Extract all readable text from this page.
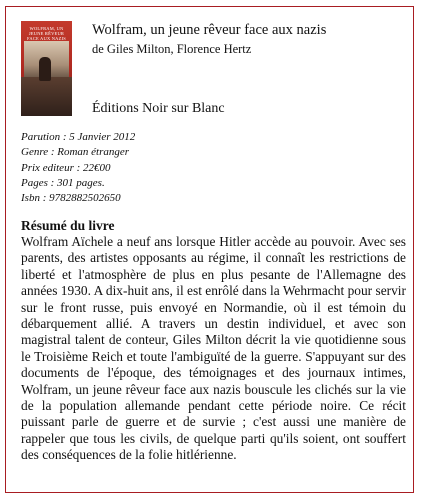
WOLFRAM, UN JEUNE RÊVEUR FACE AUX NAZIS
Wolfram, un jeune rêveur face aux nazis
de Giles Milton, Florence Hertz
Éditions Noir sur Blanc
Parution : 5 Janvier 2012
Genre : Roman étranger
Prix editeur : 22€00
Pages : 301 pages.
Isbn : 9782882502650
Résumé du livre
Wolfram Aïchele a neuf ans lorsque Hitler accède au pouvoir. Avec ses parents, des artistes opposants au régime, il connaît les restrictions de liberté et l'atmosphère de plus en plus pesante de l'Allemagne des années 1930. A dix-huit ans, il est enrôlé dans la Wehrmacht pour servir sur le front russe, puis envoyé en Normandie, où il est témoin du débarquement allié. A travers un destin individuel, et avec son magistral talent de conteur, Giles Milton décrit la vie quotidienne sous le Troisième Reich et toute l'ambiguïté de la guerre. S'appuyant sur des documents de l'époque, des témoignages et des journaux intimes, Wolfram, un jeune rêveur face aux nazis bouscule les clichés sur la vie de la population allemande pendant cette période noire. Ce récit puissant parle de guerre et de survie ; c'est aussi une manière de rappeler que tous les civils, de quelque parti qu'ils soient, ont souffert des conséquences de la folie hitlérienne.
